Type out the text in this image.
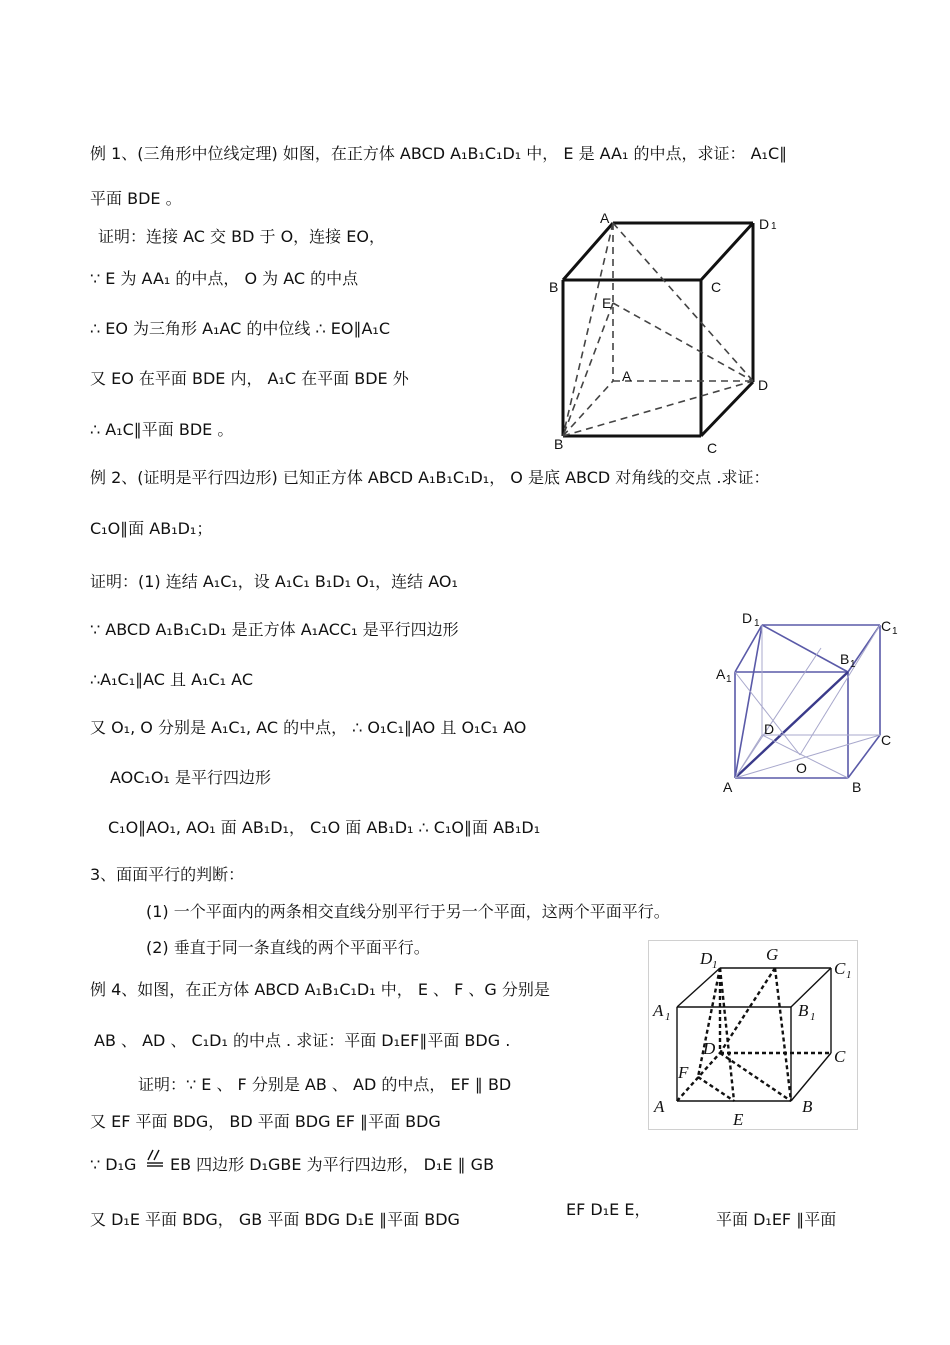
例 1、(三角形中位线定理) 如图，在正方体 ABCD A₁B₁C₁D₁ 中， E 是 AA₁ 的中点，求证： A₁C∥
平面 BDE 。
证明：连接 AC 交 BD 于 O，连接 EO，
∵ E 为 AA₁ 的中点， O 为 AC 的中点
∴ EO 为三角形 A₁AC 的中位线 ∴ EO∥A₁C
又 EO 在平面 BDE 内， A₁C 在平面 BDE 外
∴ A₁C∥平面 BDE 。
A	D 1
B	C
E
A
D
B	C
例 2、(证明是平行四边形) 已知正方体 ABCD A₁B₁C₁D₁， O 是底 ABCD 对角线的交点 .求证：
C₁O∥面 AB₁D₁；
证明：(1) 连结 A₁C₁，设 A₁C₁ B₁D₁ O₁，连结 AO₁
∵ ABCD A₁B₁C₁D₁ 是正方体 A₁ACC₁ 是平行四边形
∴A₁C₁∥AC 且 A₁C₁ AC
又 O₁, O 分别是 A₁C₁, AC 的中点， ∴ O₁C₁∥AO 且 O₁C₁ AO
AOC₁O₁ 是平行四边形
C₁O∥AO₁, AO₁ 面 AB₁D₁， C₁O 面 AB₁D₁ ∴ C₁O∥面 AB₁D₁
D 1	C 1
B 1
A 1
D
C
O
A	B
3、面面平行的判断：
(1) 一个平面内的两条相交直线分别平行于另一个平面，这两个平面平行。
(2) 垂直于同一条直线的两个平面平行。
例 4、如图，在正方体 ABCD A₁B₁C₁D₁ 中， E 、 F 、G 分别是
AB 、 AD 、 C₁D₁ 的中点 . 求证：平面 D₁EF∥平面 BDG .
证明：∵ E 、 F 分别是 AB 、 AD 的中点， EF ∥ BD
又 EF 平面 BDG， BD 平面 BDG EF ∥平面 BDG
∵ D₁G EB 四边形 D₁GBE 为平行四边形， D₁E ∥ GB
又 D₁E 平面 BDG， GB 平面 BDG D₁E ∥平面 BDG
EF D₁E E，
平面 D₁EF ∥平面
D 1
G
C 1
A 1	B 1
D	C
F
A
E
B
